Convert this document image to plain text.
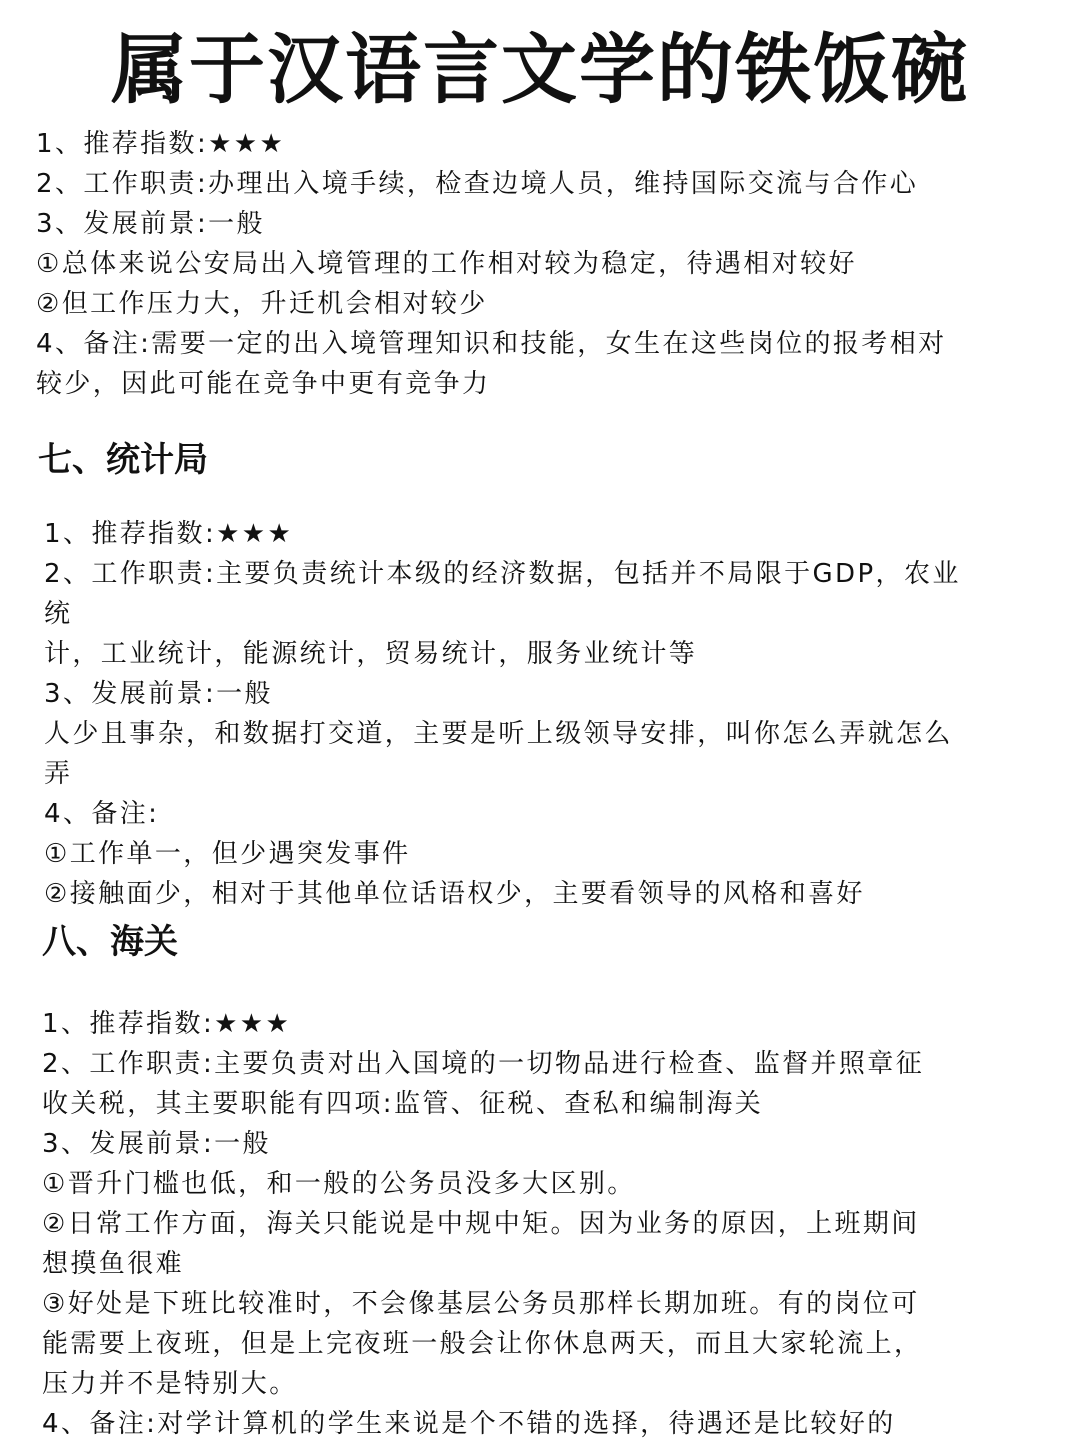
属于汉语言文学的铁饭碗

1、推荐指数:★★★

2、工作职责:办理出入境手续，检查边境人员，维持国际交流与合作心

3、发展前景:一般

①总体来说公安局出入境管理的工作相对较为稳定，待遇相对较好

②但工作压力大，升迁机会相对较少

4、备注:需要一定的出入境管理知识和技能，女生在这些岗位的报考相对

较少，因此可能在竞争中更有竞争力

七、统计局

1、推荐指数:★★★

2、工作职责:主要负责统计本级的经济数据，包括并不局限于GDP，农业

统

计，工业统计，能源统计，贸易统计，服务业统计等

3、发展前景:一般

人少且事杂，和数据打交道，主要是听上级领导安排，叫你怎么弄就怎么

弄

4、备注:

①工作单一，但少遇突发事件

②接触面少，相对于其他单位话语权少，主要看领导的风格和喜好

八、海关

1、推荐指数:★★★

2、工作职责:主要负责对出入国境的一切物品进行检查、监督并照章征

收关税，其主要职能有四项:监管、征税、查私和编制海关

3、发展前景:一般

①晋升门槛也低，和一般的公务员没多大区别。

②日常工作方面，海关只能说是中规中矩。因为业务的原因，上班期间

想摸鱼很难

③好处是下班比较准时，不会像基层公务员那样长期加班。有的岗位可

能需要上夜班，但是上完夜班一般会让你休息两天，而且大家轮流上，

压力并不是特别大。

4、备注:对学计算机的学生来说是个不错的选择，待遇还是比较好的
